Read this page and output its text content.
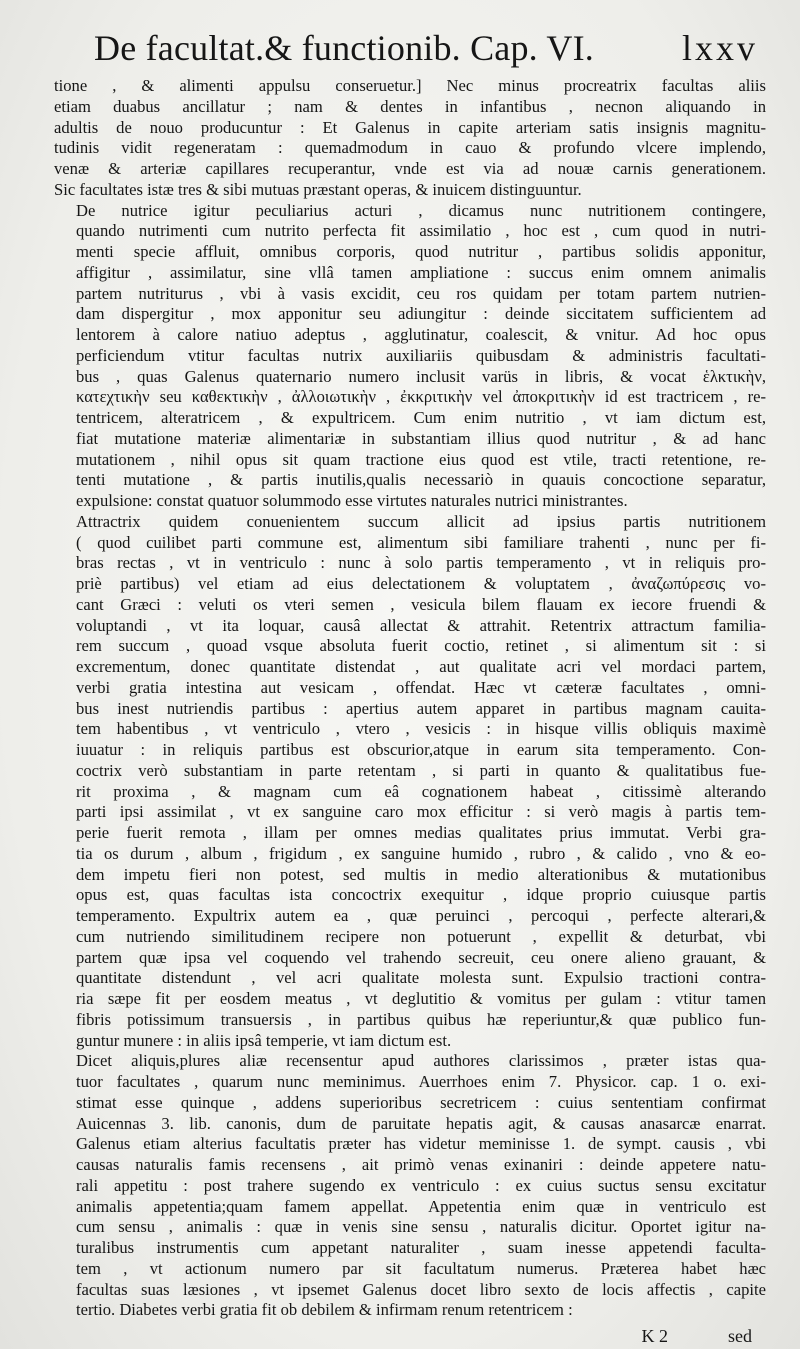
De facultat.& functionib. Cap. VI. lxxv

tione , & alimenti appulsu conseruetur.] Nec minus procreatrix facultas aliis
etiam duabus ancillatur ; nam & dentes in infantibus , necnon aliquando in
adultis de nouo producuntur : Et Galenus in capite arteriam satis insignis magnitu-
tudinis vidit regeneratam : quemadmodum in cauo & profundo vlcere implendo,
venæ & arteriæ capillares recuperantur, vnde est via ad nouæ carnis generationem.
Sic facultates istæ tres & sibi mutuas præstant operas, & inuicem distinguuntur.

De nutrice igitur peculiarius acturi , dicamus nunc nutritionem contingere,
quando nutrimenti cum nutrito perfecta fit assimilatio , hoc est , cum quod in nutri-
menti specie affluit, omnibus corporis, quod nutritur , partibus solidis apponitur,
affigitur , assimilatur, sine vllâ tamen ampliatione : succus enim omnem animalis
partem nutriturus , vbi à vasis excidit, ceu ros quidam per totam partem nutrien-
dam dispergitur , mox apponitur seu adiungitur : deinde siccitatem sufficientem ad
lentorem à calore natiuo adeptus , agglutinatur, coalescit, & vnitur. Ad hoc opus
perficiendum vtitur facultas nutrix auxiliariis quibusdam & administris facultati-
bus , quas Galenus quaternario numero inclusit varüs in libris, & vocat ἑλκτικὴν,
κατεχτικὴν seu καθεκτικὴν , ἀλλοιωτικὴν , ἐκκριτικὴν vel ἀποκριτικὴν id est tractricem , re-
tentricem, alteratricem , & expultricem. Cum enim nutritio , vt iam dictum est,
fiat mutatione materiæ alimentariæ in substantiam illius quod nutritur , & ad hanc
mutationem , nihil opus sit quam tractione eius quod est vtile, tracti retentione, re-
tenti mutatione , & partis inutilis,qualis necessariò in quauis concoctione separatur,
expulsione: constat quatuor solummodo esse virtutes naturales nutrici ministrantes.

Attractrix quidem conuenientem succum allicit ad ipsius partis nutritionem
( quod cuilibet parti commune est, alimentum sibi familiare trahenti , nunc per fi-
bras rectas , vt in ventriculo : nunc à solo partis temperamento , vt in reliquis pro-
priè partibus) vel etiam ad eius delectationem & voluptatem , ἀναζωπύρεσις vo-
cant Græci : veluti os vteri semen , vesicula bilem flauam ex iecore fruendi &
voluptandi , vt ita loquar, causâ allectat & attrahit. Retentrix attractum familia-
rem succum , quoad vsque absoluta fuerit coctio, retinet , si alimentum sit : si
excrementum, donec quantitate distendat , aut qualitate acri vel mordaci partem,
verbi gratia intestina aut vesicam , offendat. Hæc vt cæteræ facultates , omni-
bus inest nutriendis partibus : apertius autem apparet in partibus magnam cauita-
tem habentibus , vt ventriculo , vtero , vesicis : in hisque villis obliquis maximè
iuuatur : in reliquis partibus est obscurior,atque in earum sita temperamento. Con-
coctrix verò substantiam in parte retentam , si parti in quanto & qualitatibus fue-
rit proxima , & magnam cum eâ cognationem habeat , citissimè alterando
parti ipsi assimilat , vt ex sanguine caro mox efficitur : si verò magis à partis tem-
perie fuerit remota , illam per omnes medias qualitates prius immutat. Verbi gra-
tia os durum , album , frigidum , ex sanguine humido , rubro , & calido , vno & eo-
dem impetu fieri non potest, sed multis in medio alterationibus & mutationibus
opus est, quas facultas ista concoctrix exequitur , idque proprio cuiusque partis
temperamento. Expultrix autem ea , quæ peruinci , percoqui , perfecte alterari,&
cum nutriendo similitudinem recipere non potuerunt , expellit & deturbat, vbi
partem quæ ipsa vel coquendo vel trahendo secreuit, ceu onere alieno grauant, &
quantitate distendunt , vel acri qualitate molesta sunt. Expulsio tractioni contra-
ria sæpe fit per eosdem meatus , vt deglutitio & vomitus per gulam : vtitur tamen
fibris potissimum transuersis , in partibus quibus hæ reperiuntur,& quæ publico fun-
guntur munere : in aliis ipsâ temperie, vt iam dictum est.

Dicet aliquis,plures aliæ recensentur apud authores clarissimos , præter istas qua-
tuor facultates , quarum nunc meminimus. Auerrhoes enim 7. Physicor. cap. 1 o. exi-
stimat esse quinque , addens superioribus secretricem : cuius sententiam confirmat
Auicennas 3. lib. canonis, dum de paruitate hepatis agit, & causas anasarcæ enarrat.
Galenus etiam alterius facultatis præter has videtur meminisse 1. de sympt. causis , vbi
causas naturalis famis recensens , ait primò venas exinaniri : deinde appetere natu-
rali appetitu : post trahere sugendo ex ventriculo : ex cuius suctus sensu excitatur
animalis appetentia;quam famem appellat. Appetentia enim quæ in ventriculo est
cum sensu , animalis : quæ in venis sine sensu , naturalis dicitur. Oportet igitur na-
turalibus instrumentis cum appetant naturaliter , suam inesse appetendi faculta-
tem , vt actionum numero par sit facultatum numerus. Præterea habet hæc
facultas suas læsiones , vt ipsemet Galenus docet libro sexto de locis affectis , capite
tertio. Diabetes verbi gratia fit ob debilem & infirmam renum retentricem :

K 2	sed
